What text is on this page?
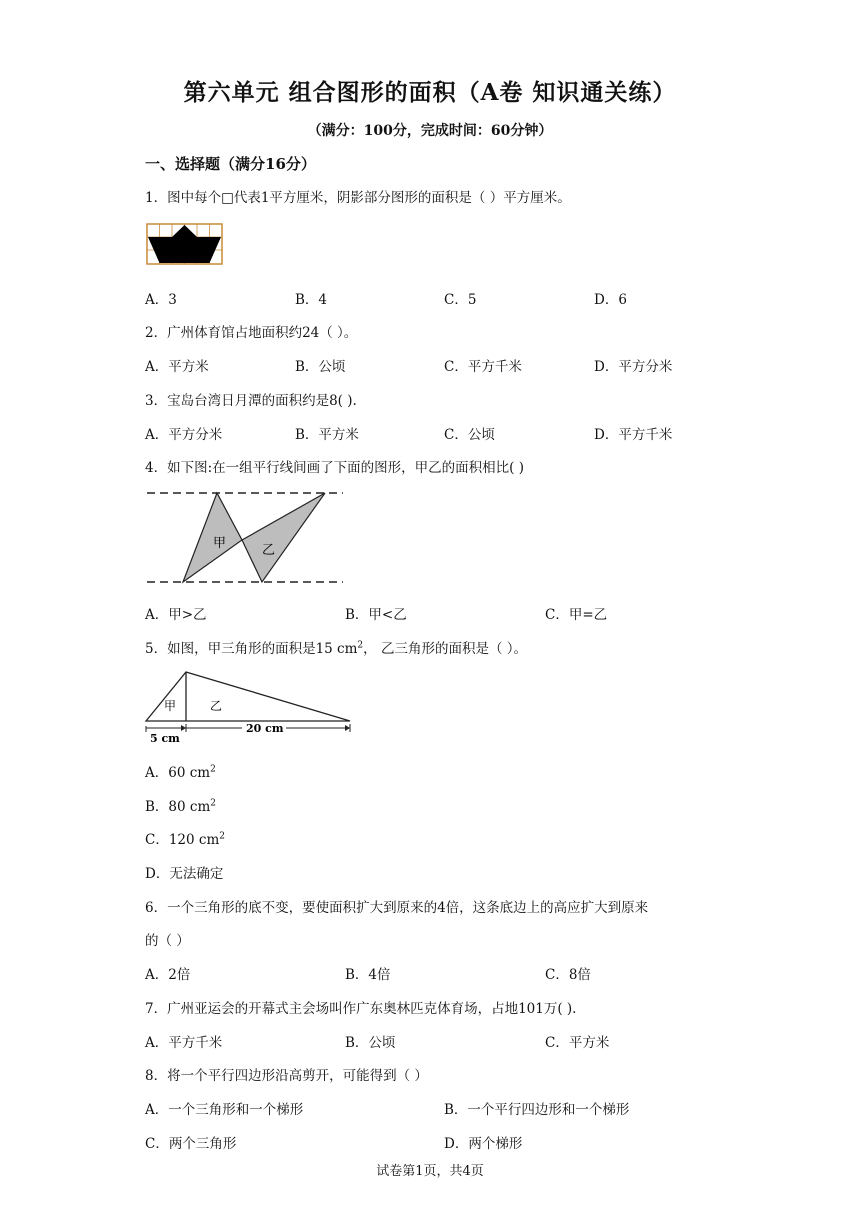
第六单元 组合图形的面积（A卷 知识通关练）
（满分：100分，完成时间：60分钟）
一、选择题（满分16分）
1．图中每个□代表1平方厘米，阴影部分图形的面积是（ ）平方厘米。
A．3	B．4	C．5	D．6
2．广州体育馆占地面积约24（ ）。
A．平方米	B．公顷	C．平方千米	D．平方分米
3．宝岛台湾日月潭的面积约是8( ).
A．平方分米	B．平方米	C．公顷	D．平方千米
4．如下图:在一组平行线间画了下面的图形，甲乙的面积相比( )
甲	乙
A．甲>乙	B．甲<乙	C．甲=乙
5．如图，甲三角形的面积是15 $cm^2$， 乙三角形的面积是（ ）。
甲	乙
20 cm
5 cm
A．60 $cm^2$
B．80 $cm^2$
C．120 $cm^2$
D．无法确定
6．一个三角形的底不变，要使面积扩大到原来的4倍，这条底边上的高应扩大到原来
的（ ）
A．2倍	B．4倍	C．8倍
7．广州亚运会的开幕式主会场叫作广东奥林匹克体育场，占地101万( ).
A．平方千米	B．公顷	C．平方米
8．将一个平行四边形沿高剪开，可能得到（ ）
A．一个三角形和一个梯形	B．一个平行四边形和一个梯形
C．两个三角形	D．两个梯形
试卷第1页，共4页
